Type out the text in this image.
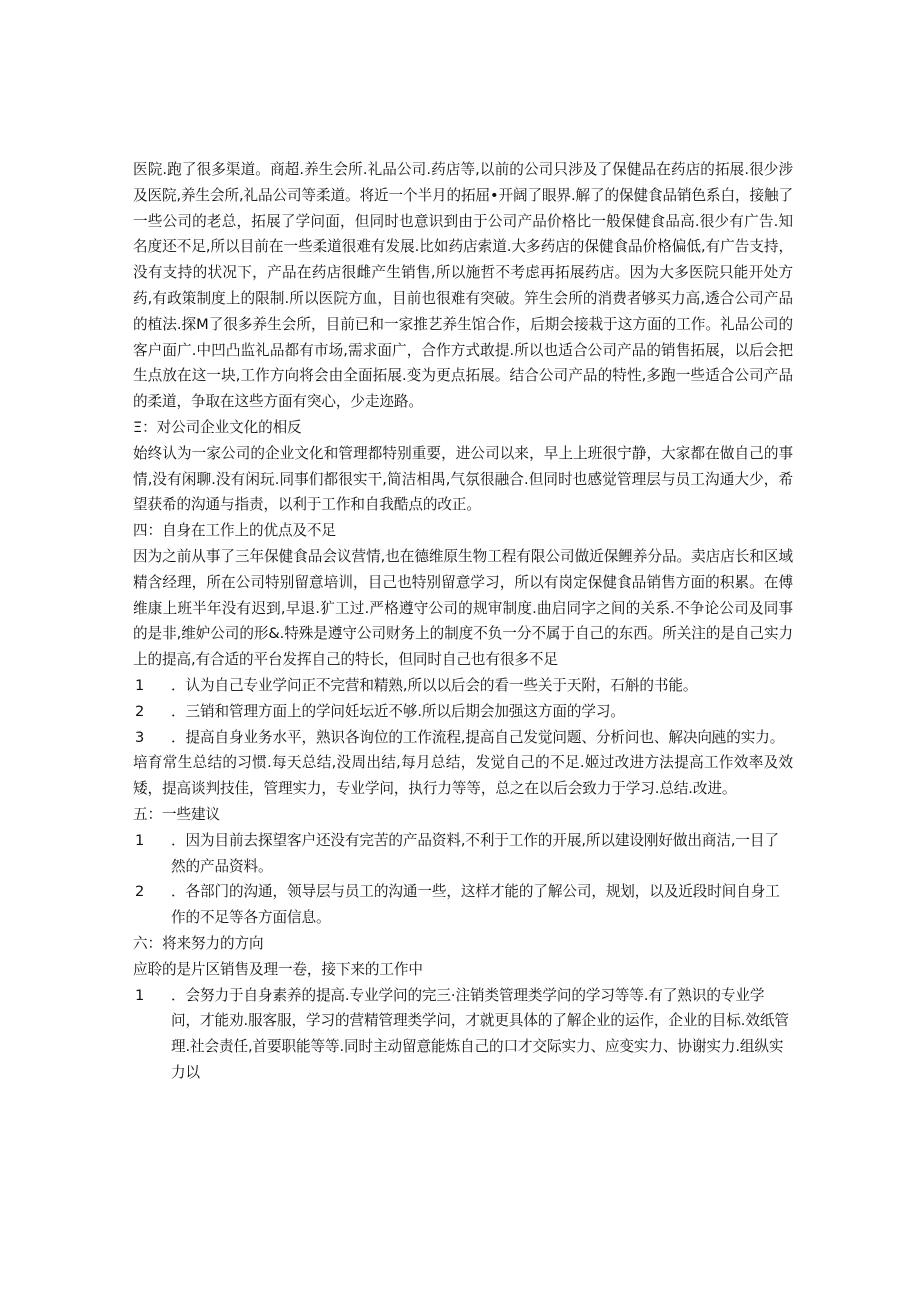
医院.跑了很多渠道。商超.养生会所.礼品公司.药店等,以前的公司只涉及了保健品在药店的拓展.很少涉及医院,养生会所,礼品公司等柔道。将近一个半月的拓屈•开阔了眼界.解了的保健食品销色系白，接触了一些公司的老总，拓展了学问面，但同时也意识到由于公司产品价格比一般保健食品高.很少有广告.知名度还不足,所以目前在一些柔道很难有发展.比如药店索道.大多药店的保健食品价格偏低,有广告支持，没有支持的状况下，产品在药店很雌产生销售,所以施哲不考虑再拓展药店。因为大多医院只能开处方药,有政策制度上的限制.所以医院方血，目前也很难有突破。笄生会所的消费者够买力高,透合公司产品的植法.探M了很多养生会所，目前已和一家推艺养生馆合作，后期会接栽于这方面的工作。礼品公司的客户面广.中凹凸监礼品都有市场,需求面广，合作方式敢提.所以也适合公司产品的销售拓展，以后会把生点放在这一块,工作方向将会由全面拓展.变为更点拓展。结合公司产品的特性,多跑一些适合公司产品的柔道，争取在这些方面有突心，少走迩路。

Ξ：对公司企业文化的相反

始终认为一家公司的企业文化和管理都特别重要，进公司以来，早上上班很宁静，大家都在做自己的事情,没有闲聊.没有闲玩.同事们都很实干,简洁相禺,气氛很融合.但同时也感觉管理层与员工沟通大少，希望获希的沟通与指责，以利于工作和自我酷点的改正。

四：自身在工作上的优点及不足

因为之前从事了三年保健食品会议营情,也在德维原生物工程有限公司做近保鲤养分品。卖店店长和区域精含经理，所在公司特别留意培训，目己也特别留意学习，所以有岗定保健食品销售方面的积累。在傅维康上班半年没有迟到,早退.犷工过.严格遵守公司的规审制度.曲启同字之间的关系.不争论公司及同事的是非,维妒公司的形&.特殊是遵守公司财务上的制度不负一分不属于自己的东西。所关注的是自己实力上的提高,有合适的平台发挥自己的特长，但同时自己也有很多不足

1 ．认为自己专业学问正不完营和精熟,所以以后会的看一些关于天附，石斛的书能。

2 ．三销和管理方面上的学问妊坛近不够.所以后期会加强这方面的学习。

3 ．提高自身业务水平，熟识各询位的工作流程,提高自己发觉问题、分析问也、解决向瓲的实力。

培育常生总结的习惯.每天总结,没周出结,每月总结，发觉自己的不足.姬过改进方法提高工作效率及效矮，提高谈判技佳，管理实力，专业学问，执行力等等，总之在以后会致力于学习.总结.改进。

五：一些建议

1 ．因为目前去探望客户还没有完苦的产品资料,不利于工作的开展,所以建设刚好做出商洁,一目了然的产品资料。

2 ．各部门的沟通，领导层与员工的沟通一些，这样才能的了解公司，规划，以及近段时间自身工作的不足等各方面信息。

六：将来努力的方向

应聆的是片区销售及理一卷，接下来的工作中

1 ．会努力于自身素养的提高.专业学问的完三·注销类管理类学问的学习等等.有了熟识的专业学问，才能劝.服客服，学习的营精管理类学问，才就更具体的了解企业的运作，企业的目标.效纸管理.社会责任,首要职能等等.同时主动留意能炼自己的口才交际实力、应变实力、协谢实力.组纵实力以
